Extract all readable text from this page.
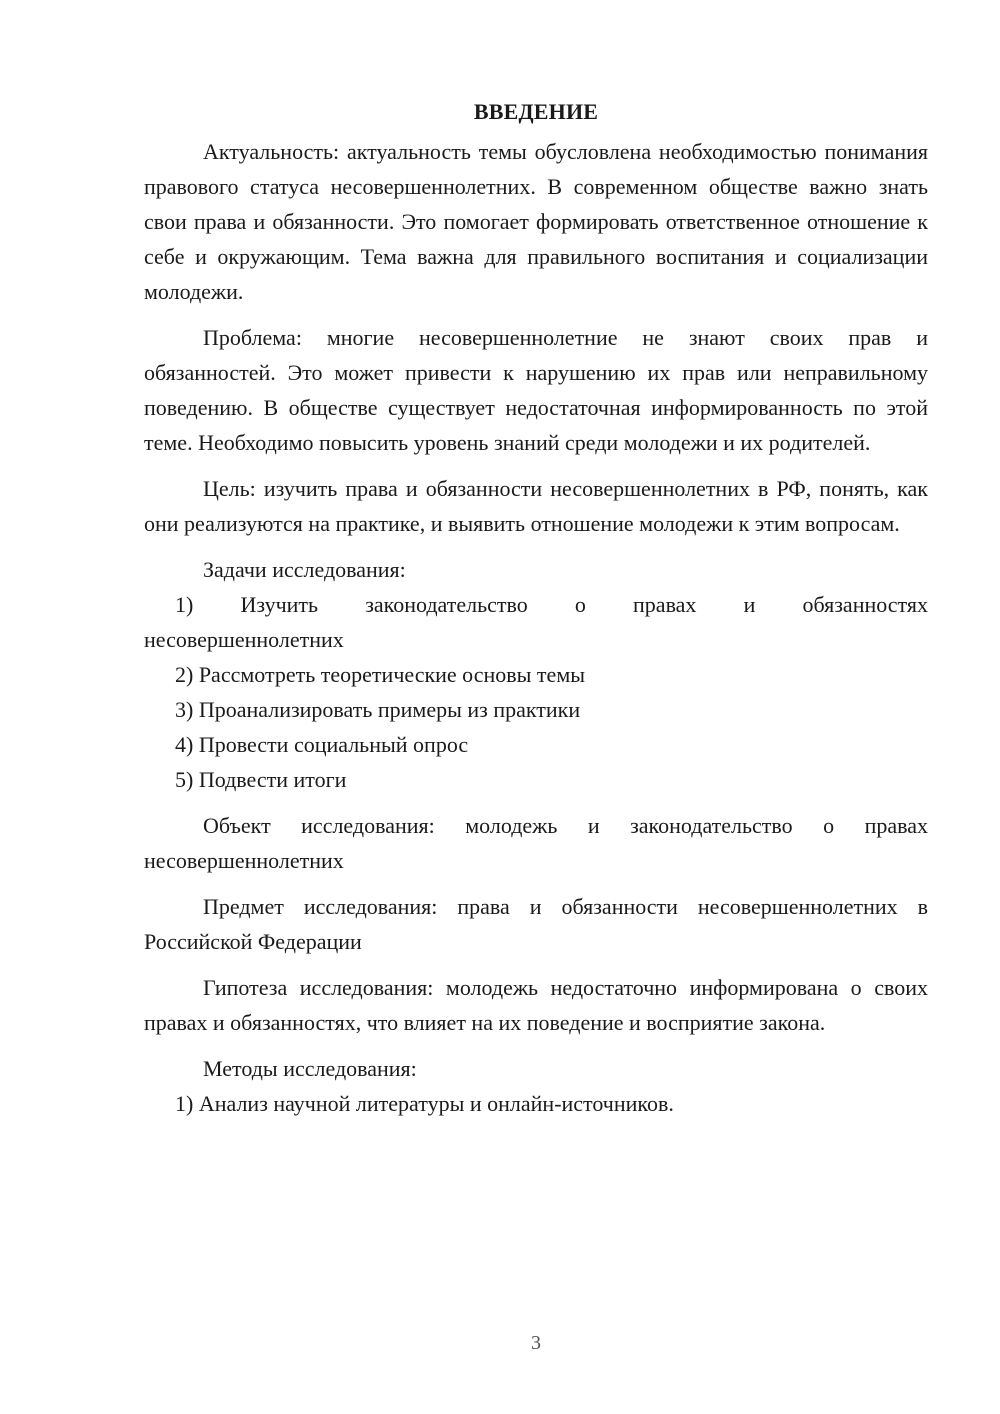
ВВЕДЕНИЕ

Актуальность: актуальность темы обусловлена необходимостью понимания правового статуса несовершеннолетних. В современном обществе важно знать свои права и обязанности. Это помогает формировать ответственное отношение к себе и окружающим. Тема важна для правильного воспитания и социализации молодежи.

Проблема: многие несовершеннолетние не знают своих прав и обязанностей. Это может привести к нарушению их прав или неправильному поведению. В обществе существует недостаточная информированность по этой теме. Необходимо повысить уровень знаний среди молодежи и их родителей.

Цель: изучить права и обязанности несовершеннолетних в РФ, понять, как они реализуются на практике, и выявить отношение молодежи к этим вопросам.

Задачи исследования:

1) Изучить законодательство о правах и обязанностях

несовершеннолетних

2) Рассмотреть теоретические основы темы

3) Проанализировать примеры из практики

4) Провести социальный опрос

5) Подвести итоги

Объект исследования: молодежь и законодательство о правах несовершеннолетних

Предмет исследования: права и обязанности несовершеннолетних в Российской Федерации

Гипотеза исследования: молодежь недостаточно информирована о своих правах и обязанностях, что влияет на их поведение и восприятие закона.

Методы исследования:

1) Анализ научной литературы и онлайн-источников.

3
